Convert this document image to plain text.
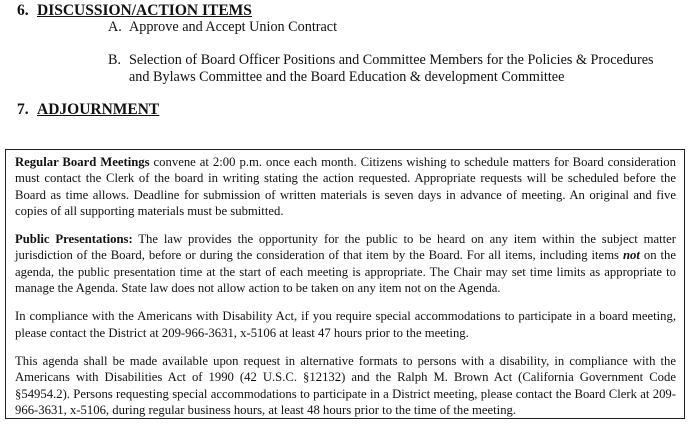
6. DISCUSSION/ACTION ITEMS
A. Approve and Accept Union Contract
B. Selection of Board Officer Positions and Committee Members for the Policies & Procedures
and Bylaws Committee and the Board Education & development Committee
7. ADJOURNMENT

Regular Board Meetings convene at 2:00 p.m. once each month. Citizens wishing to schedule matters for Board consideration must contact the Clerk of the board in writing stating the action requested. Appropriate requests will be scheduled before the Board as time allows. Deadline for submission of written materials is seven days in advance of meeting. An original and five copies of all supporting materials must be submitted.

Public Presentations: The law provides the opportunity for the public to be heard on any item within the subject matter jurisdiction of the Board, before or during the consideration of that item by the Board. For all items, including items not on the agenda, the public presentation time at the start of each meeting is appropriate. The Chair may set time limits as appropriate to manage the Agenda. State law does not allow action to be taken on any item not on the Agenda.

In compliance with the Americans with Disability Act, if you require special accommodations to participate in a board meeting, please contact the District at 209-966-3631, x-5106 at least 47 hours prior to the meeting.

This agenda shall be made available upon request in alternative formats to persons with a disability, in compliance with the Americans with Disabilities Act of 1990 (42 U.S.C. §12132) and the Ralph M. Brown Act (California Government Code §54954.2). Persons requesting special accommodations to participate in a District meeting, please contact the Board Clerk at 209-966-3631, x-5106, during regular business hours, at least 48 hours prior to the time of the meeting.
